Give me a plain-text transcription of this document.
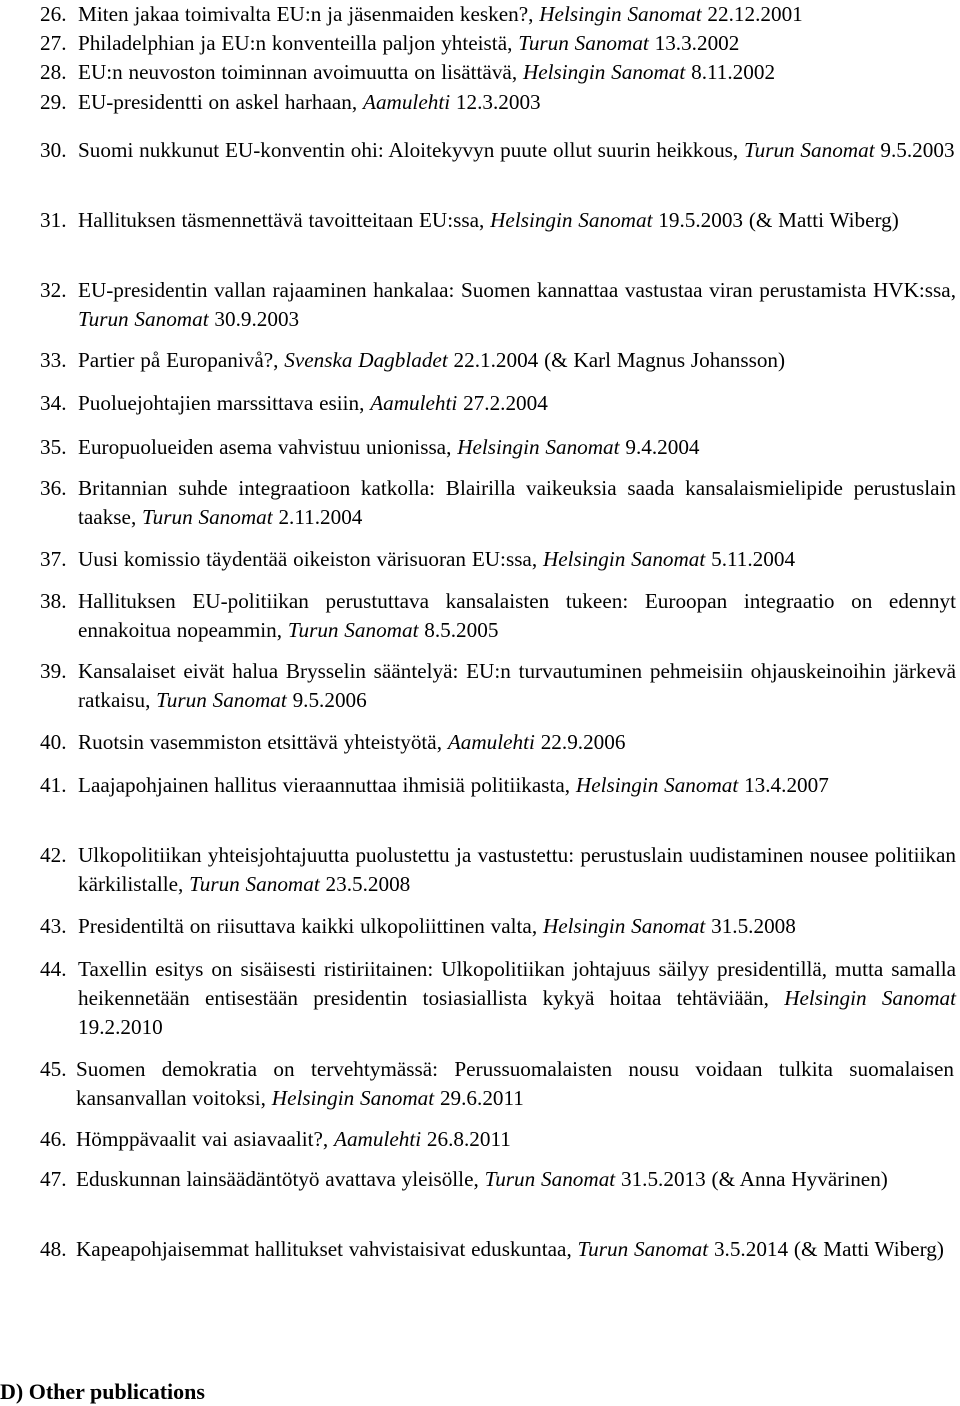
26. Miten jakaa toimivalta EU:n ja jäsenmaiden kesken?, Helsingin Sanomat 22.12.2001
27. Philadelphian ja EU:n konventeilla paljon yhteistä, Turun Sanomat 13.3.2002
28. EU:n neuvoston toiminnan avoimuutta on lisättävä, Helsingin Sanomat 8.11.2002
29. EU-presidentti on askel harhaan, Aamulehti 12.3.2003
30. Suomi nukkunut EU-konventin ohi: Aloitekyvyn puute ollut suurin heikkous, Turun Sanomat 9.5.2003
31. Hallituksen täsmennettävä tavoitteitaan EU:ssa, Helsingin Sanomat 19.5.2003 (& Matti Wiberg)
32. EU-presidentin vallan rajaaminen hankalaa: Suomen kannattaa vastustaa viran perustamista HVK:ssa, Turun Sanomat 30.9.2003
33. Partier på Europanivå?, Svenska Dagbladet 22.1.2004 (& Karl Magnus Johansson)
34. Puoluejohtajien marssittava esiin, Aamulehti 27.2.2004
35. Europuolueiden asema vahvistuu unionissa, Helsingin Sanomat 9.4.2004
36. Britannian suhde integraatioon katkolla: Blairilla vaikeuksia saada kansalaismielipide perustuslain taakse, Turun Sanomat 2.11.2004
37. Uusi komissio täydentää oikeiston värisuoran EU:ssa, Helsingin Sanomat 5.11.2004
38. Hallituksen EU-politiikan perustuttava kansalaisten tukeen: Euroopan integraatio on edennyt ennakoitua nopeammin, Turun Sanomat 8.5.2005
39. Kansalaiset eivät halua Brysselin sääntelyä: EU:n turvautuminen pehmeisiin ohjauskeinoihin järkevä ratkaisu, Turun Sanomat 9.5.2006
40. Ruotsin vasemmiston etsittävä yhteistyötä, Aamulehti 22.9.2006
41. Laajapohjainen hallitus vieraannuttaa ihmisiä politiikasta, Helsingin Sanomat 13.4.2007
42. Ulkopolitiikan yhteisjohtajuutta puolustettu ja vastustettu: perustuslain uudistaminen nousee politiikan kärkilistalle, Turun Sanomat 23.5.2008
43. Presidentiltä on riisuttava kaikki ulkopoliittinen valta, Helsingin Sanomat 31.5.2008
44. Taxellin esitys on sisäisesti ristiriitainen: Ulkopolitiikan johtajuus säilyy presidentillä, mutta samalla heikennetään entisestään presidentin tosiasiallista kykyä hoitaa tehtäviään, Helsingin Sanomat 19.2.2010
45. Suomen demokratia on tervehtymässä: Perussuomalaisten nousu voidaan tulkita suomalaisen kansanvallan voitoksi, Helsingin Sanomat 29.6.2011
46. Hömppävaalit vai asiavaalit?, Aamulehti 26.8.2011
47. Eduskunnan lainsäädäntötyö avattava yleisölle, Turun Sanomat 31.5.2013 (& Anna Hyvärinen)
48. Kapeapohjaisemmat hallitukset vahvistaisivat eduskuntaa, Turun Sanomat 3.5.2014 (& Matti Wiberg)
D) Other publications
